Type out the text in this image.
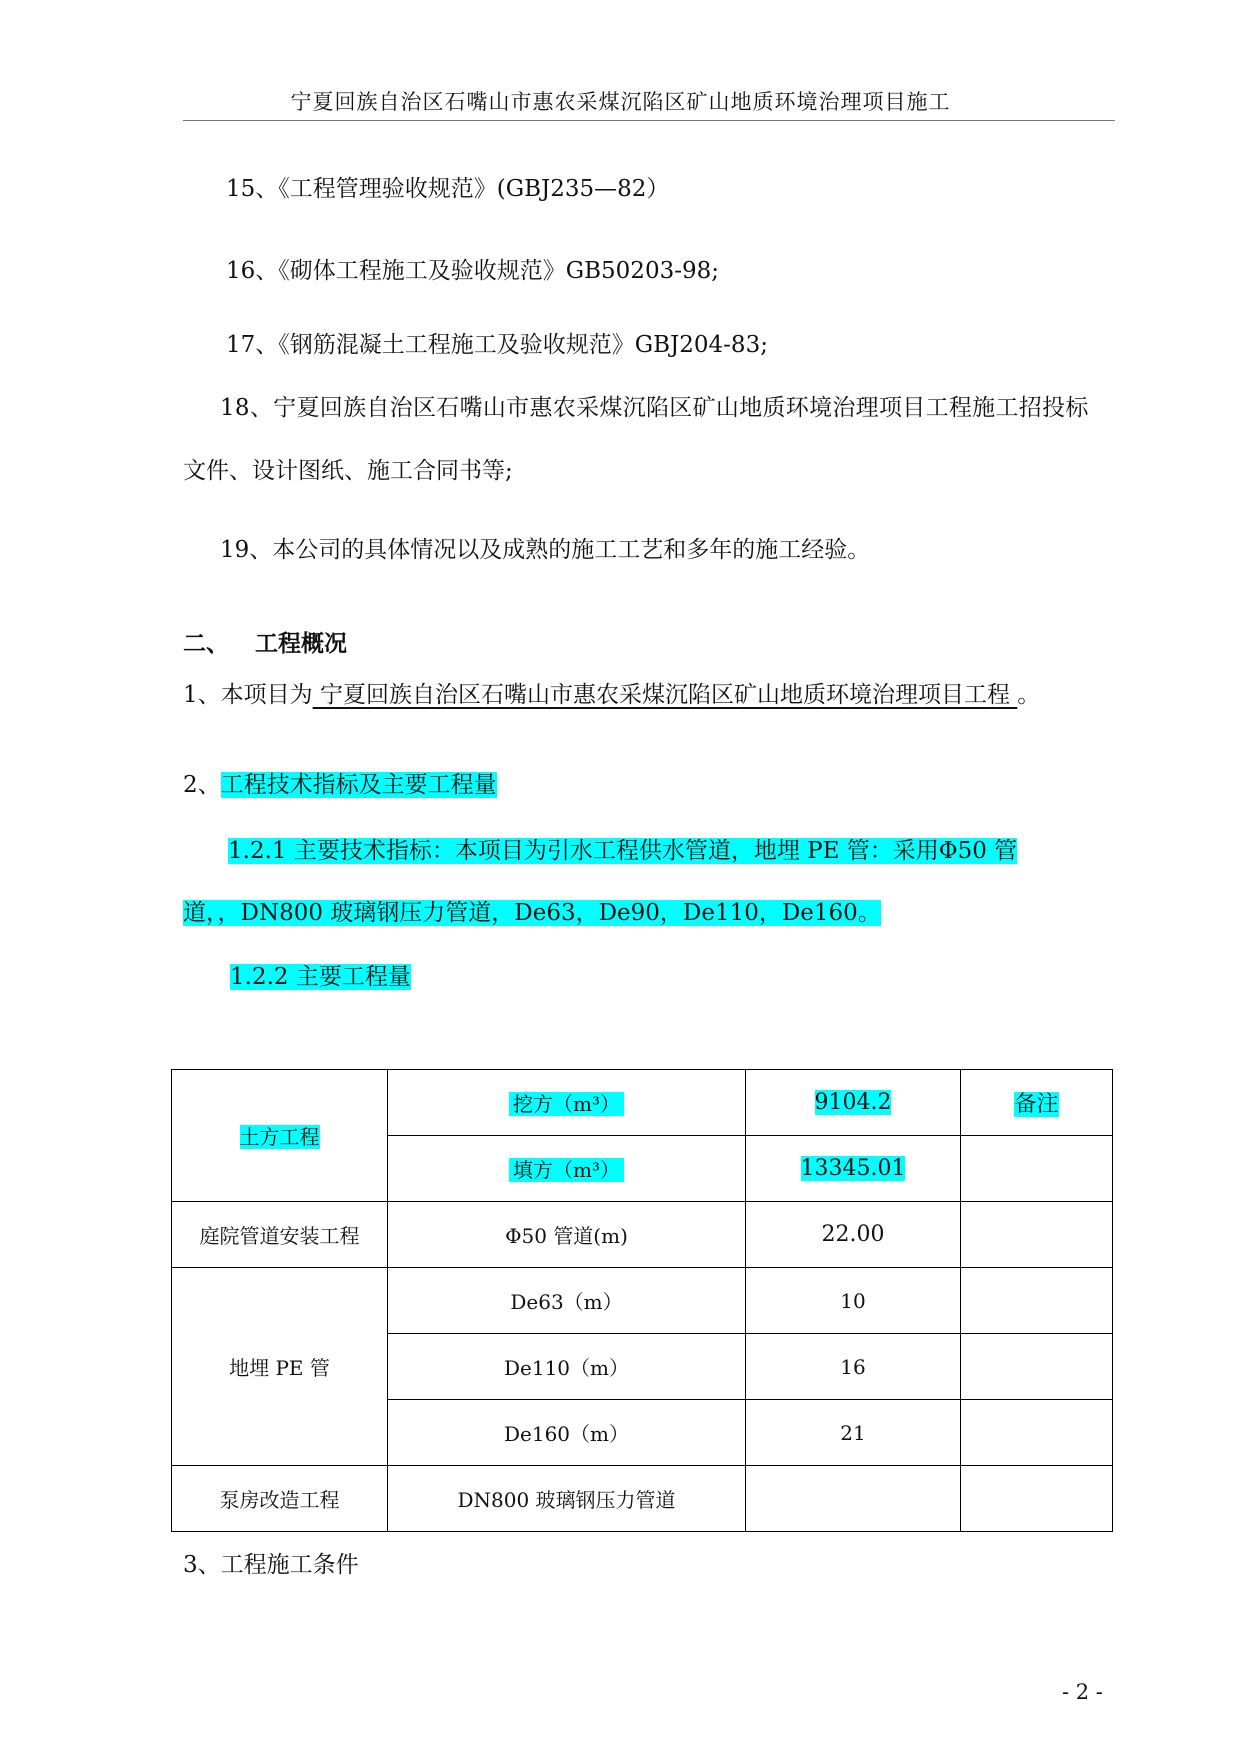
宁夏回族自治区石嘴山市惠农采煤沉陷区矿山地质环境治理项目施工
15、《工程管理验收规范》(GBJ235—82）
16、《砌体工程施工及验收规范》GB50203-98;
17、《钢筋混凝土工程施工及验收规范》GBJ204-83;
18、宁夏回族自治区石嘴山市惠农采煤沉陷区矿山地质环境治理项目工程施工招投标
文件、设计图纸、施工合同书等;
19、本公司的具体情况以及成熟的施工工艺和多年的施工经验。
二、 工程概况
1、本项目为 宁夏回族自治区石嘴山市惠农采煤沉陷区矿山地质环境治理项目工程 。
2、工程技术指标及主要工程量
1.2.1 主要技术指标：本项目为引水工程供水管道，地埋 PE 管：采用Φ50 管
道，，DN800 玻璃钢压力管道，De63，De90，De110，De160。
1.2.2 主要工程量
土方工程	挖方（m³）	9104.2	备注
	填方（m³）	13345.01	
庭院管道安装工程	Φ50 管道(m)	22.00	
地埋 PE 管	De63（m）	10	
	De110（m）	16	
	De160（m）	21	
泵房改造工程	DN800 玻璃钢压力管道		
3、工程施工条件
- 2 -
